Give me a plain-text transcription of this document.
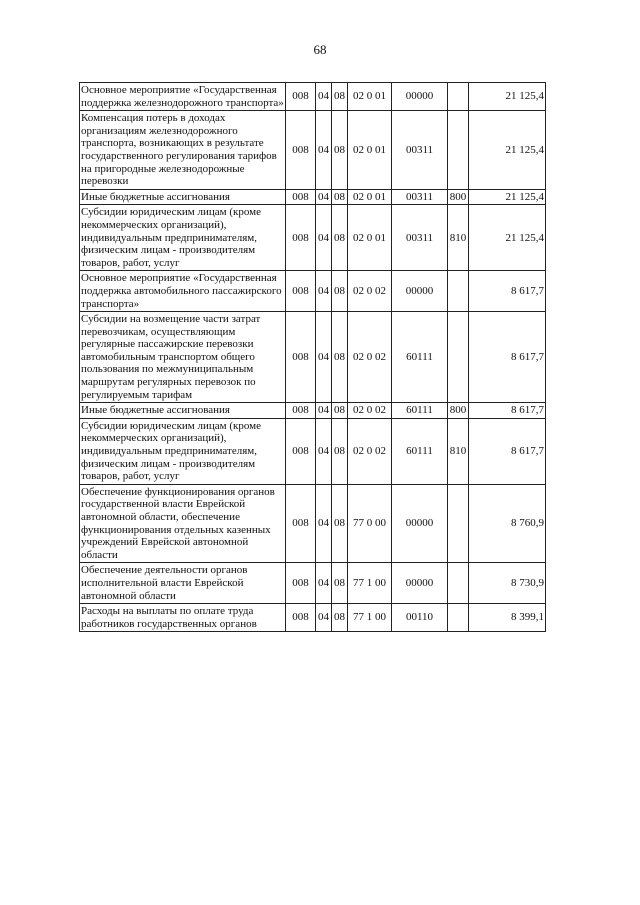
68
Основное мероприятие «Государственная поддержка железнодорожного транспорта»	008	04	08	02 0 01	00000		21 125,4
Компенсация потерь в доходах организациям железнодорожного транспорта, возникающих в результате государственного регулирования тарифов на пригородные железнодорожные перевозки	008	04	08	02 0 01	00311		21 125,4
Иные бюджетные ассигнования	008	04	08	02 0 01	00311	800	21 125,4
Субсидии юридическим лицам (кроме некоммерческих организаций), индивидуальным предпринимателям, физическим лицам - производителям товаров, работ, услуг	008	04	08	02 0 01	00311	810	21 125,4
Основное мероприятие «Государственная поддержка автомобильного пассажирского транспорта»	008	04	08	02 0 02	00000		8 617,7
Субсидии на возмещение части затрат перевозчикам, осуществляющим регулярные пассажирские перевозки автомобильным транспортом общего пользования по межмуниципальным маршрутам регулярных перевозок по регулируемым тарифам	008	04	08	02 0 02	60111		8 617,7
Иные бюджетные ассигнования	008	04	08	02 0 02	60111	800	8 617,7
Субсидии юридическим лицам (кроме некоммерческих организаций), индивидуальным предпринимателям, физическим лицам - производителям товаров, работ, услуг	008	04	08	02 0 02	60111	810	8 617,7
Обеспечение функционирования органов государственной власти Еврейской автономной области, обеспечение функционирования отдельных казенных учреждений Еврейской автономной области	008	04	08	77 0 00	00000		8 760,9
Обеспечение деятельности органов исполнительной власти Еврейской автономной области	008	04	08	77 1 00	00000		8 730,9
Расходы на выплаты по оплате труда работников государственных органов	008	04	08	77 1 00	00110		8 399,1
